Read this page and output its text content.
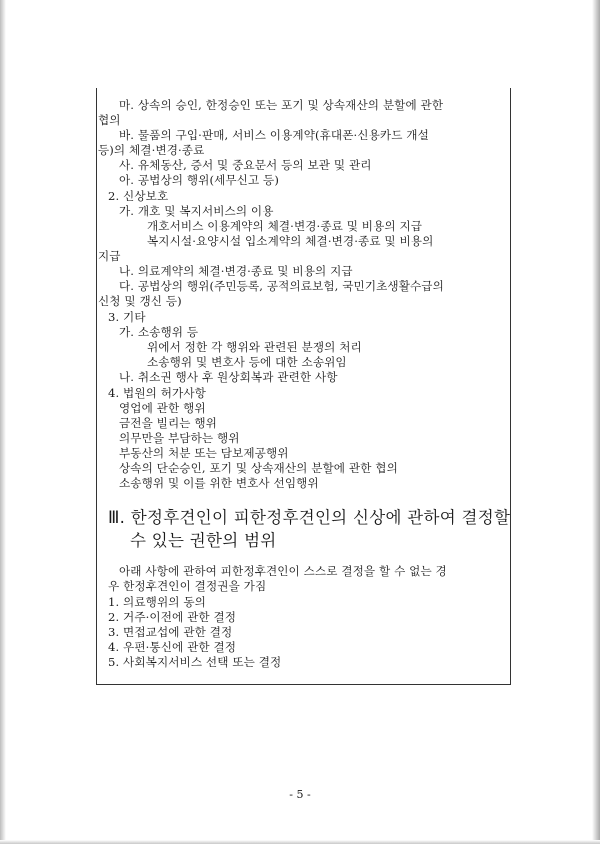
마. 상속의 승인, 한정승인 또는 포기 및 상속재산의 분할에 관한
협의
바. 물품의 구입·판매, 서비스 이용계약(휴대폰·신용카드 개설
등)의 체결·변경·종료
사. 유체동산, 증서 및 중요문서 등의 보관 및 관리
아. 공법상의 행위(세무신고 등)
2. 신상보호
가. 개호 및 복지서비스의 이용
개호서비스 이용계약의 체결·변경·종료 및 비용의 지급
복지시설·요양시설 입소계약의 체결·변경·종료 및 비용의
지급
나. 의료계약의 체결·변경·종료 및 비용의 지급
다. 공법상의 행위(주민등록, 공적의료보험, 국민기초생활수급의
신청 및 갱신 등)
3. 기타
가. 소송행위 등
위에서 정한 각 행위와 관련된 분쟁의 처리
소송행위 및 변호사 등에 대한 소송위임
나. 취소권 행사 후 원상회복과 관련한 사항
4. 법원의 허가사항
영업에 관한 행위
금전을 빌리는 행위
의무만을 부담하는 행위
부동산의 처분 또는 담보제공행위
상속의 단순승인, 포기 및 상속재산의 분할에 관한 협의
소송행위 및 이를 위한 변호사 선임행위
Ⅲ. 한정후견인이 피한정후견인의 신상에 관하여 결정할
수 있는 권한의 범위
아래 사항에 관하여 피한정후견인이 스스로 결정을 할 수 없는 경
우 한정후견인이 결정권을 가짐
1. 의료행위의 동의
2. 거주·이전에 관한 결정
3. 면접교섭에 관한 결정
4. 우편·통신에 관한 결정
5. 사회복지서비스 선택 또는 결정
- 5 -
